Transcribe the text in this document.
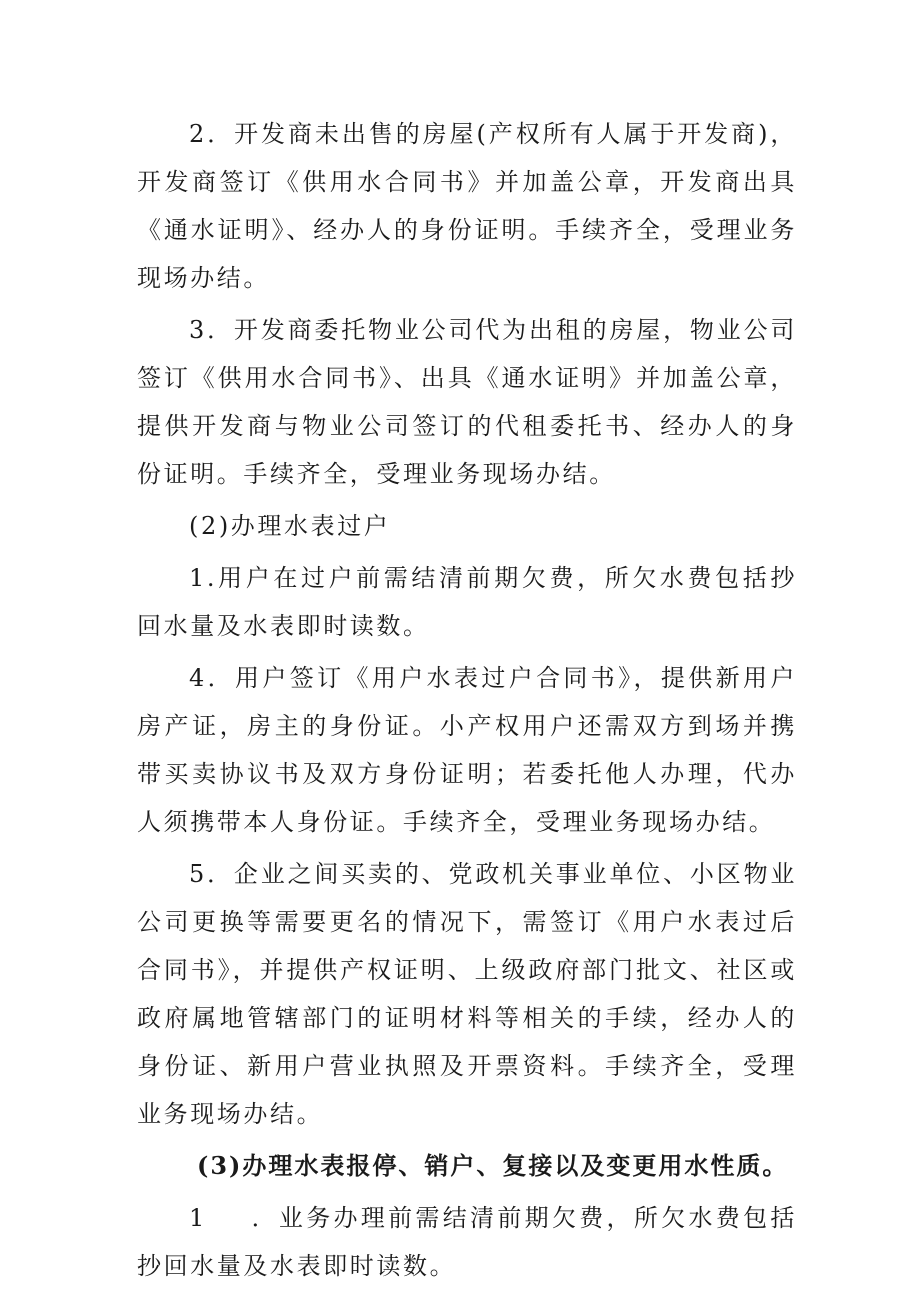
2．开发商未出售的房屋(产权所有人属于开发商)，开发商签订《供用水合同书》并加盖公章，开发商出具《通水证明》、经办人的身份证明。手续齐全，受理业务现场办结。

3．开发商委托物业公司代为出租的房屋，物业公司签订《供用水合同书》、出具《通水证明》并加盖公章，提供开发商与物业公司签订的代租委托书、经办人的身份证明。手续齐全，受理业务现场办结。

(2)办理水表过户

1.用户在过户前需结清前期欠费，所欠水费包括抄回水量及水表即时读数。

4．用户签订《用户水表过户合同书》，提供新用户房产证，房主的身份证。小产权用户还需双方到场并携带买卖协议书及双方身份证明；若委托他人办理，代办人须携带本人身份证。手续齐全，受理业务现场办结。

5．企业之间买卖的、党政机关事业单位、小区物业公司更换等需要更名的情况下，需签订《用户水表过后合同书》，并提供产权证明、上级政府部门批文、社区或政府属地管辖部门的证明材料等相关的手续，经办人的身份证、新用户营业执照及开票资料。手续齐全，受理业务现场办结。

(3)办理水表报停、销户、复接以及变更用水性质。

1 ．业务办理前需结清前期欠费，所欠水费包括抄回水量及水表即时读数。
